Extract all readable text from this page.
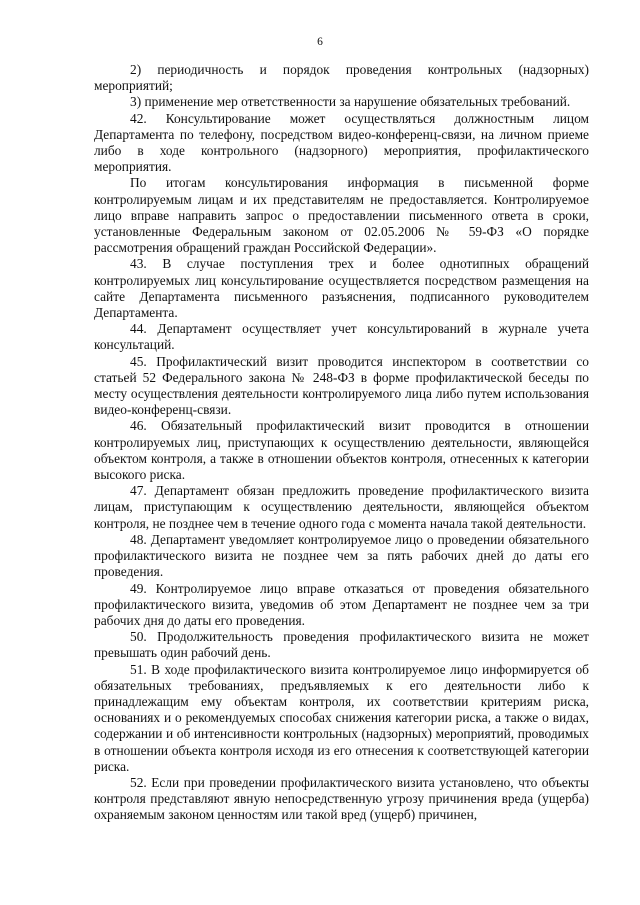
6

2) периодичность и порядок проведения контрольных (надзорных) мероприятий;

3) применение мер ответственности за нарушение обязательных требований.

42. Консультирование может осуществляться должностным лицом Департамента по телефону, посредством видео-конференц-связи, на личном приеме либо в ходе контрольного (надзорного) мероприятия, профилактического мероприятия.

По итогам консультирования информация в письменной форме контролируемым лицам и их представителям не предоставляется. Контролируемое лицо вправе направить запрос о предоставлении письменного ответа в сроки, установленные Федеральным законом от 02.05.2006 № 59-ФЗ «О порядке рассмотрения обращений граждан Российской Федерации».

43. В случае поступления трех и более однотипных обращений контролируемых лиц консультирование осуществляется посредством размещения на сайте Департамента письменного разъяснения, подписанного руководителем Департамента.

44. Департамент осуществляет учет консультирований в журнале учета консультаций.

45. Профилактический визит проводится инспектором в соответствии со статьей 52 Федерального закона № 248-ФЗ в форме профилактической беседы по месту осуществления деятельности контролируемого лица либо путем использования видео-конференц-связи.

46. Обязательный профилактический визит проводится в отношении контролируемых лиц, приступающих к осуществлению деятельности, являющейся объектом контроля, а также в отношении объектов контроля, отнесенных к категории высокого риска.

47. Департамент обязан предложить проведение профилактического визита лицам, приступающим к осуществлению деятельности, являющейся объектом контроля, не позднее чем в течение одного года с момента начала такой деятельности.

48. Департамент уведомляет контролируемое лицо о проведении обязательного профилактического визита не позднее чем за пять рабочих дней до даты его проведения.

49. Контролируемое лицо вправе отказаться от проведения обязательного профилактического визита, уведомив об этом Департамент не позднее чем за три рабочих дня до даты его проведения.

50. Продолжительность проведения профилактического визита не может превышать один рабочий день.

51. В ходе профилактического визита контролируемое лицо информируется об обязательных требованиях, предъявляемых к его деятельности либо к принадлежащим ему объектам контроля, их соответствии критериям риска, основаниях и о рекомендуемых способах снижения категории риска, а также о видах, содержании и об интенсивности контрольных (надзорных) мероприятий, проводимых в отношении объекта контроля исходя из его отнесения к соответствующей категории риска.

52. Если при проведении профилактического визита установлено, что объекты контроля представляют явную непосредственную угрозу причинения вреда (ущерба) охраняемым законом ценностям или такой вред (ущерб) причинен,
